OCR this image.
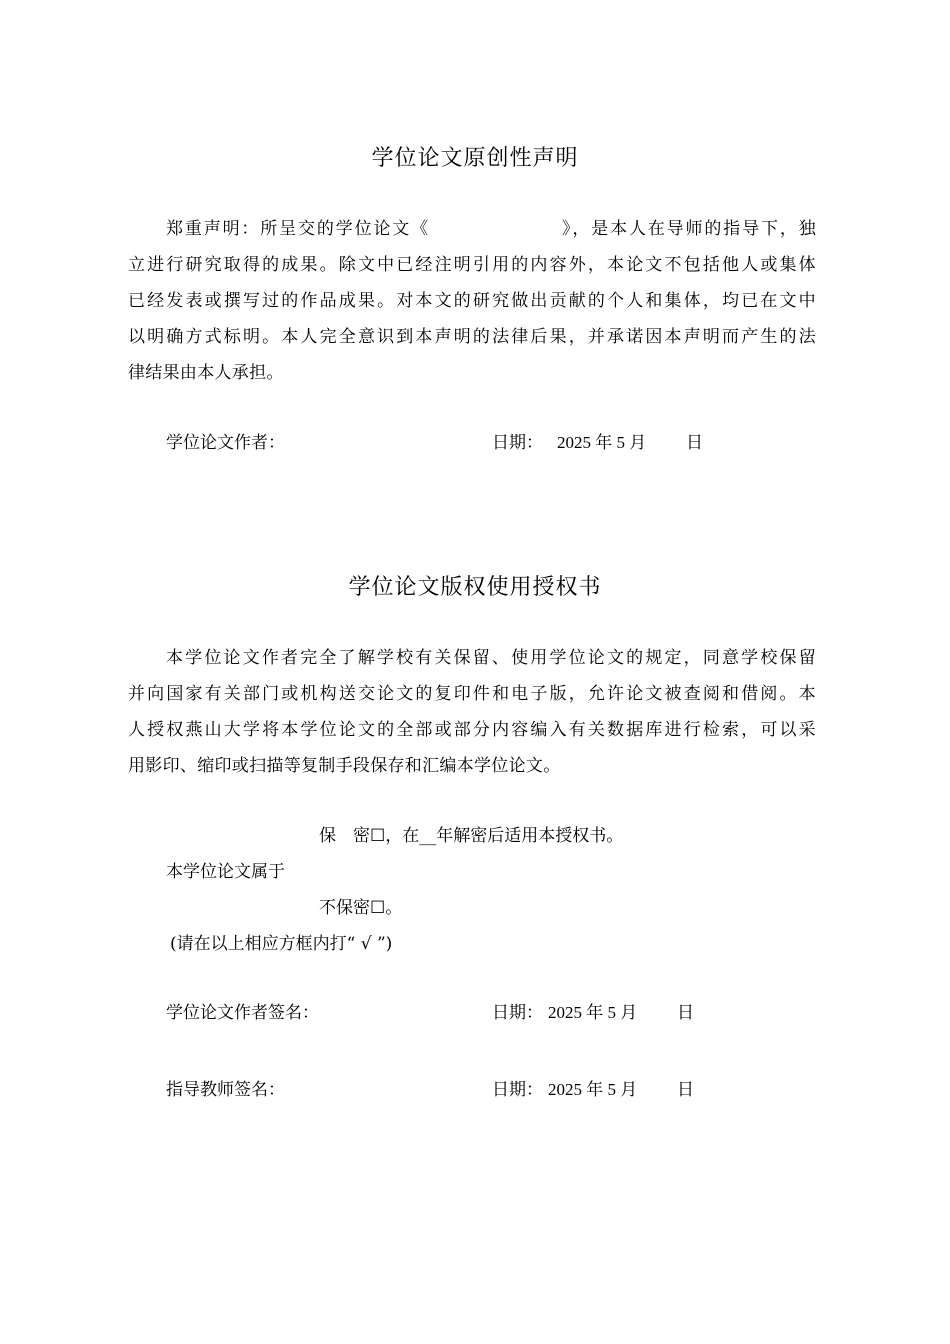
学位论文原创性声明
郑重声明：所呈交的学位论文《　　　　　　　》，是本人在导师的指导下，独
立进行研究取得的成果。除文中已经注明引用的内容外，本论文不包括他人或集体
已经发表或撰写过的作品成果。对本文的研究做出贡献的个人和集体，均已在文中
以明确方式标明。本人完全意识到本声明的法律后果，并承诺因本声明而产生的法
律结果由本人承担。
学位论文作者：	日期： 2025 年 5 月 日
学位论文版权使用授权书
本学位论文作者完全了解学校有关保留、使用学位论文的规定，同意学校保留
并向国家有关部门或机构送交论文的复印件和电子版，允许论文被查阅和借阅。本
人授权燕山大学将本学位论文的全部或部分内容编入有关数据库进行检索，可以采
用影印、缩印或扫描等复制手段保存和汇编本学位论文。
保　密☐，在__年解密后适用本授权书。
本学位论文属于
不保密☐。
(请在以上相应方框内打“ √ ”)
学位论文作者签名：	日期： 2025 年 5 月 日
指导教师签名：	日期： 2025 年 5 月 日
